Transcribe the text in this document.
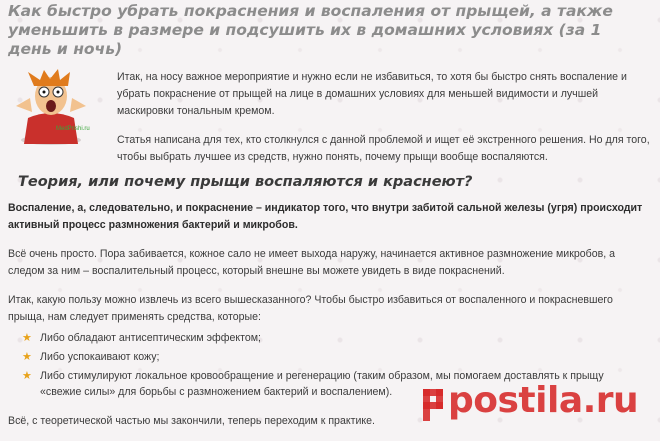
Как быстро убрать покраснения и воспаления от прыщей, а также уменьшить в размере и подсушить их в домашних условиях (за 1 день и ночь)
MedPrishi.ru

Итак, на носу важное мероприятие и нужно если не избавиться, то хотя бы быстро снять воспаление и убрать покраснение от прыщей на лице в домашних условиях для меньшей видимости и лучшей маскировки тональным кремом.

Статья написана для тех, кто столкнулся с данной проблемой и ищет её экстренного решения. Но для того, чтобы выбрать лучшее из средств, нужно понять, почему прыщи вообще воспаляются.

Теория, или почему прыщи воспаляются и краснеют?

Воспаление, а, следовательно, и покраснение – индикатор того, что внутри забитой сальной железы (угря) происходит активный процесс размножения бактерий и микробов.

Всё очень просто. Пора забивается, кожное сало не имеет выхода наружу, начинается активное размножение микробов, а следом за ним – воспалительный процесс, который внешне вы можете увидеть в виде покраснений.

Итак, какую пользу можно извлечь из всего вышесказанного? Чтобы быстро избавиться от воспаленного и покрасневшего прыща, нам следует применять средства, которые:

★ Либо обладают антисептическим эффектом;
★ Либо успокаивают кожу;
★ Либо стимулируют локальное кровообращение и регенерацию (таким образом, мы помогаем доставлять к прыщу «свежие силы» для борьбы с размножением бактерий и воспалением).

Всё, с теоретической частью мы закончили, теперь переходим к практике.	postila.ru
